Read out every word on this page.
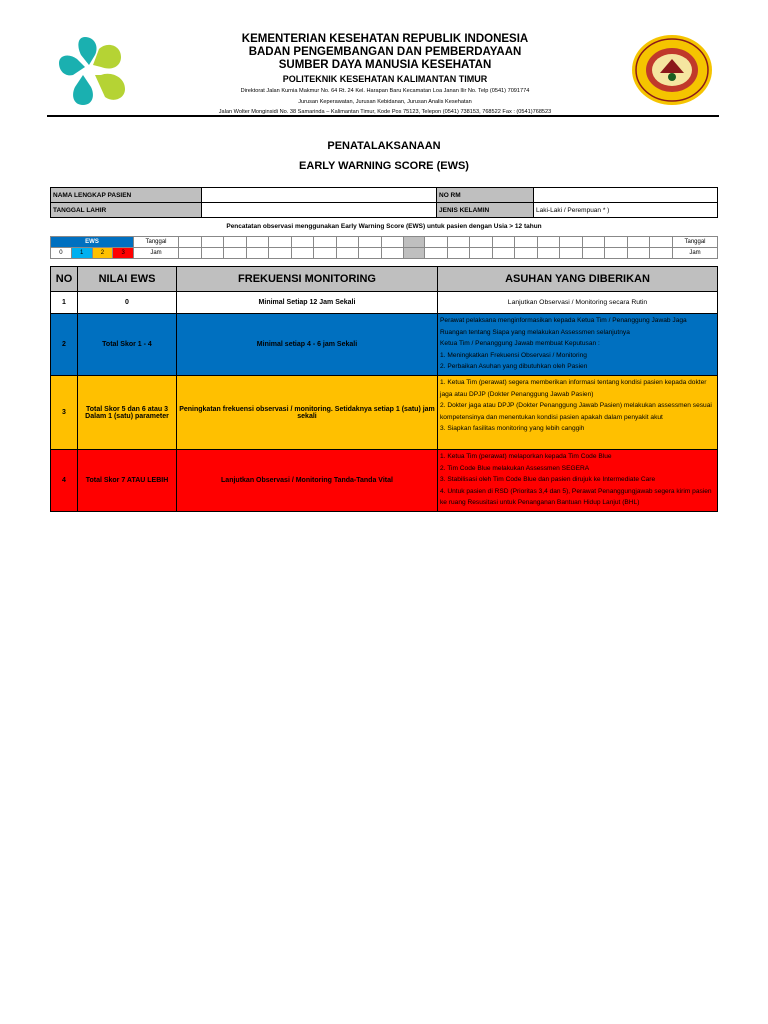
KEMENTERIAN KESEHATAN REPUBLIK INDONESIA
BADAN PENGEMBANGAN DAN PEMBERDAYAAN
SUMBER DAYA MANUSIA KESEHATAN
POLITEKNIK KESEHATAN KALIMANTAN TIMUR
Direktorat Jalan Kurnia Makmur No. 64 Rt. 24 Kel. Harapan Baru Kecamatan Loa Janan Ilir No. Telp (0541) 7091774
Jurusan Keperawatan, Jurusan Kebidanan, Jurusan Analis Kesehatan
Jalan Wolter Monginsidi No. 38 Samarinda – Kalimantan Timur, Kode Pos 75123, Telepon (0541) 738153, 768522 Fax : (0541)768523
PENATALAKSANAAN
EARLY WARNING SCORE (EWS)
NAMA LENGKAP PASIEN		NO RM	
TANGGAL LAHIR		JENIS KELAMIN	Laki-Laki / Perempuan * )
Pencatatan observasi menggunakan Early Warning Score (EWS) untuk pasien dengan Usia > 12 tahun
EWS				Tanggal																							Tanggal
0	1	2	3	Jam																							Jam
NO	NILAI EWS	FREKUENSI MONITORING	ASUHAN YANG DIBERIKAN
1	0	Minimal Setiap 12 Jam Sekali	Lanjutkan Observasi / Monitoring secara Rutin
2	Total Skor 1 - 4	Minimal setiap 4 - 6 jam Sekali	Perawat pelaksana menginformasikan kepada Ketua Tim / Penanggung Jawab Jaga Ruangan tentang Siapa yang melakukan Assessmen selanjutnya
Ketua Tim / Penanggung Jawab membuat Keputusan :
1. Meningkatkan Frekuensi Observasi / Monitoring
2. Perbaikan Asuhan yang dibutuhkan oleh Pasien

3	Total Skor 5 dan 6 atau 3 Dalam 1 (satu) parameter	Peningkatan frekuensi observasi / monitoring. Setidaknya setiap 1 (satu) jam sekali	1. Ketua Tim (perawat) segera memberikan informasi tentang kondisi pasien kepada dokter jaga atau DPJP (Dokter Penanggung Jawab Pasien)
2. Dokter jaga atau DPJP (Dokter Penanggung Jawab Pasien) melakukan assessmen sesuai kompetensinya dan menentukan kondisi pasien apakah dalam penyakit akut
3. Siapkan fasilitas monitoring yang lebih canggih

4	Total Skor 7 ATAU LEBIH	Lanjutkan Observasi / Monitoring Tanda-Tanda Vital	1. Ketua Tim (perawat) melaporkan kepada Tim Code Blue
2. Tim Code Blue melakukan Assessmen SEGERA
3. Stabilisasi oleh Tim Code Blue dan pasien dirujuk ke Intermediate Care
4. Untuk pasien di RSD (Prioritas 3,4 dan 5), Perawat Penanggungjawab segera kirim pasien ke ruang Resusitasi untuk Penanganan Bantuan Hidup Lanjut (BHL)
